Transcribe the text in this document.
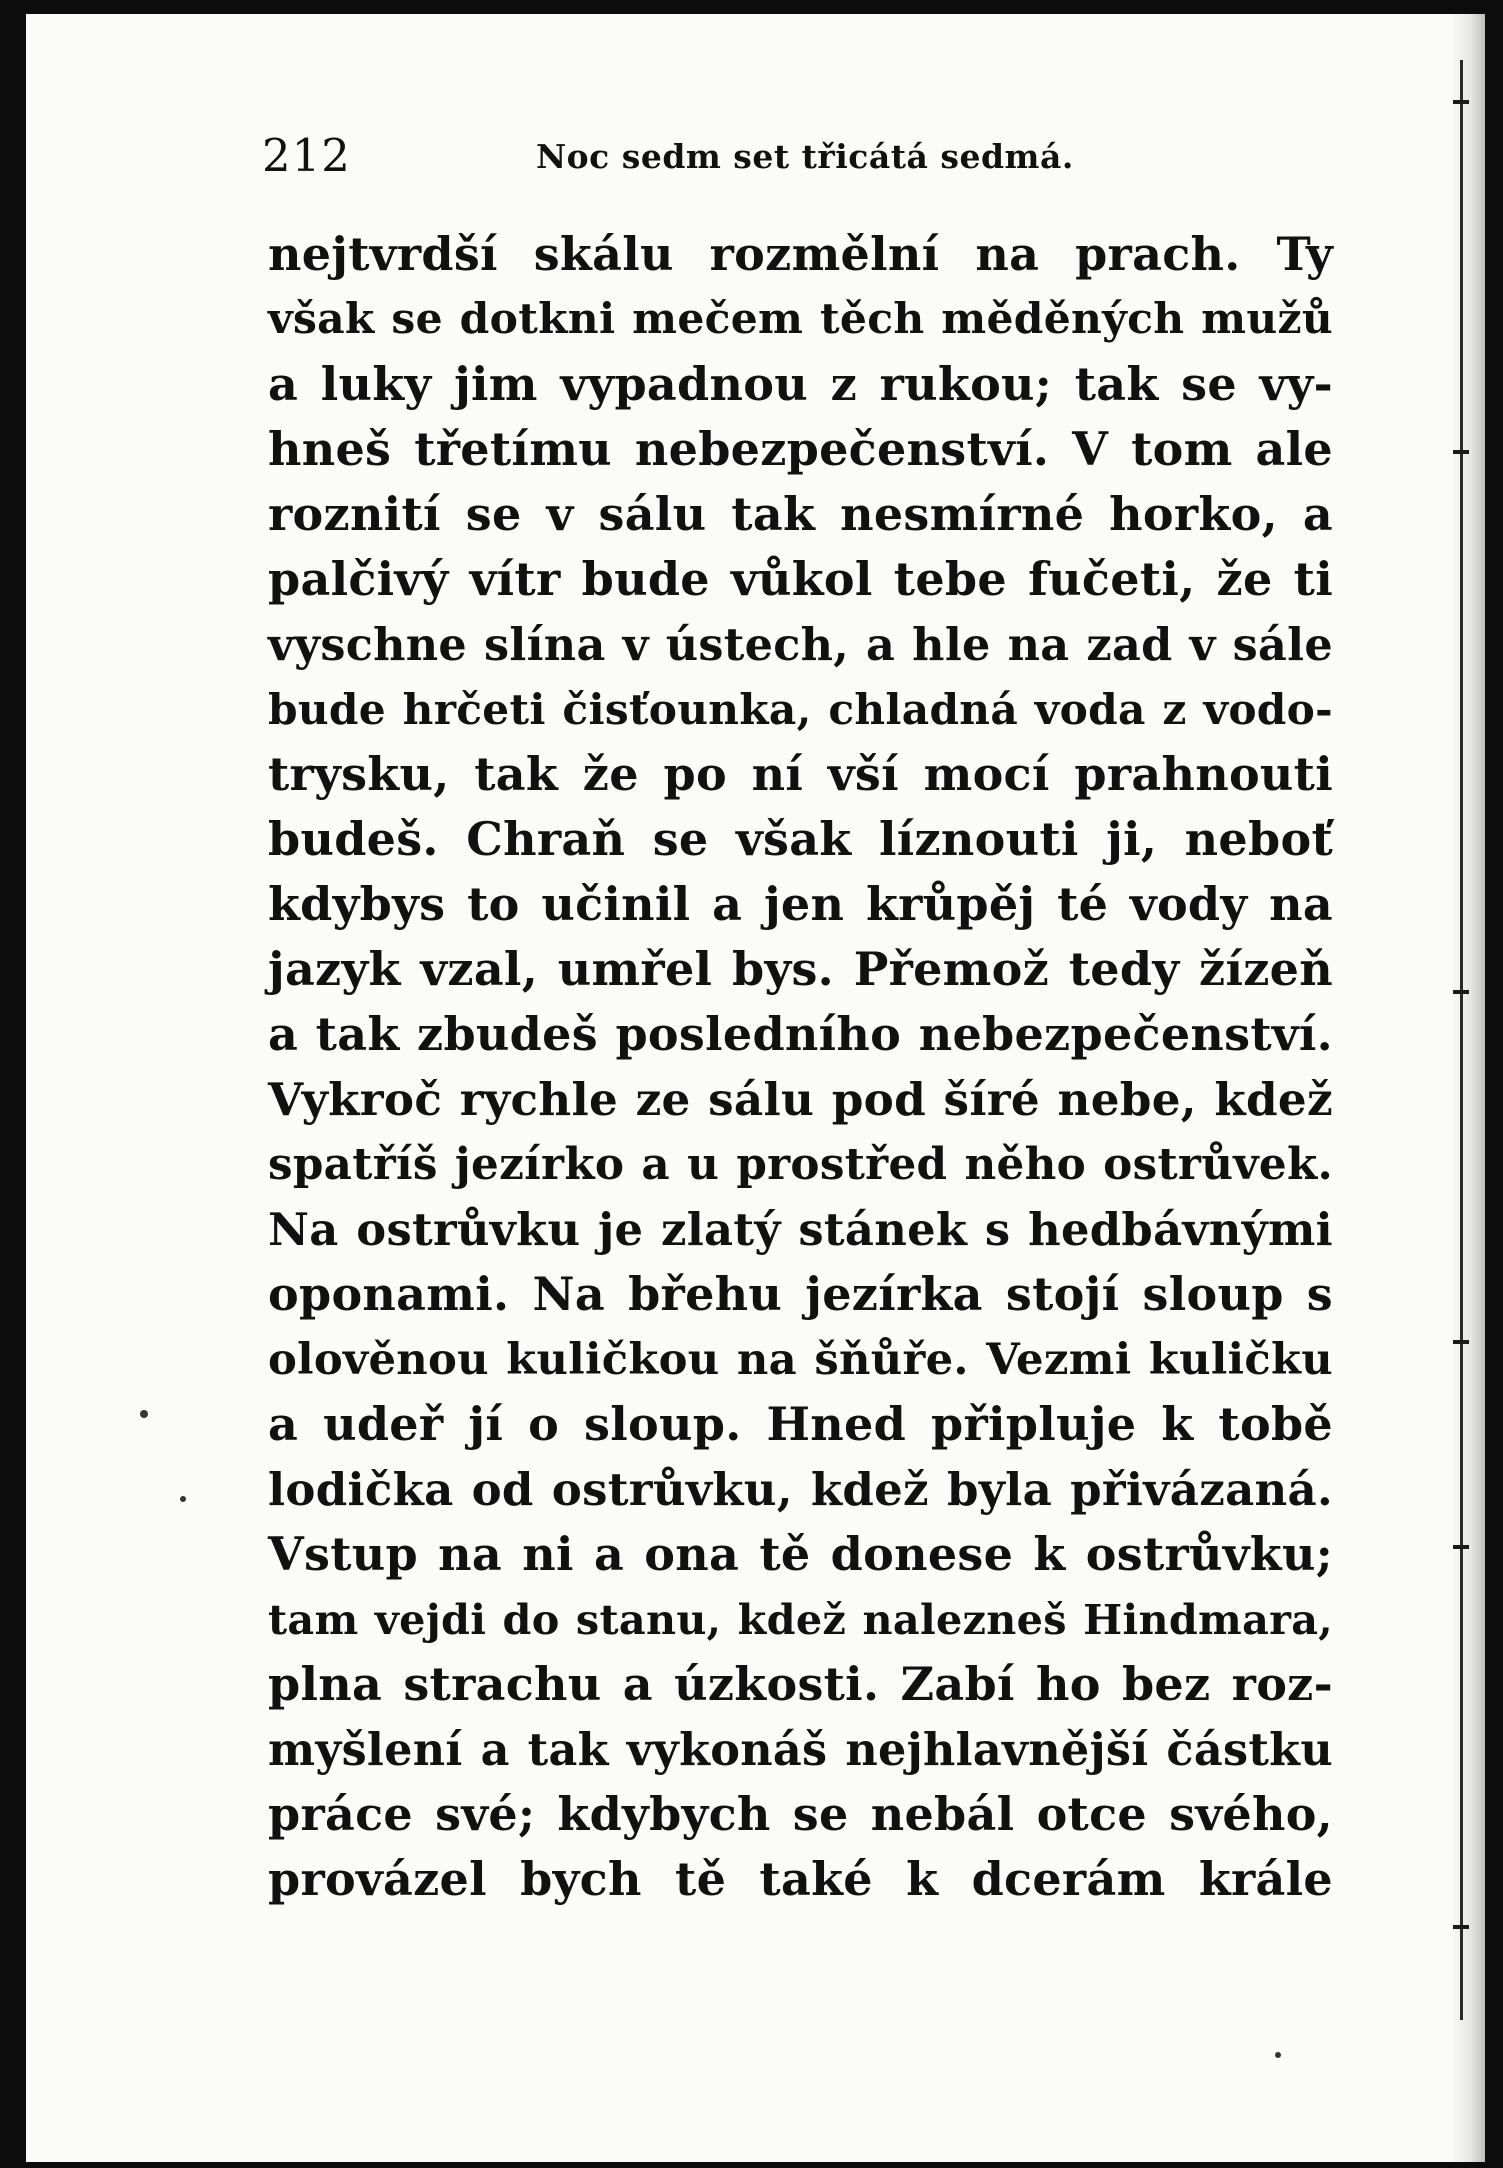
212	Noc sedm set třicátá sedmá.
nejtvrdší skálu rozmělní na prach. Ty
však se dotkni mečem těch měděných mužů
a luky jim vypadnou z rukou; tak se vy-
hneš třetímu nebezpečenství. V tom ale
roznití se v sálu tak nesmírné horko, a
palčivý vítr bude vůkol tebe fučeti, že ti
vyschne slína v ústech, a hle na zad v sále
bude hrčeti čisťounka, chladná voda z vodo-
trysku, tak že po ní vší mocí prahnouti
budeš. Chraň se však líznouti ji, neboť
kdybys to učinil a jen krůpěj té vody na
jazyk vzal, umřel bys. Přemož tedy žízeň
a tak zbudeš posledního nebezpečenství.
Vykroč rychle ze sálu pod šíré nebe, kdež
spatříš jezírko a u prostřed něho ostrůvek.
Na ostrůvku je zlatý stánek s hedbávnými
oponami. Na břehu jezírka stojí sloup s
olověnou kuličkou na šňůře. Vezmi kuličku
a udeř jí o sloup. Hned připluje k tobě
lodička od ostrůvku, kdež byla přivázaná.
Vstup na ni a ona tě donese k ostrůvku;
tam vejdi do stanu, kdež nalezneš Hindmara,
plna strachu a úzkosti. Zabí ho bez roz-
myšlení a tak vykonáš nejhlavnější částku
práce své; kdybych se nebál otce svého,
provázel bych tě také k dcerám krále
